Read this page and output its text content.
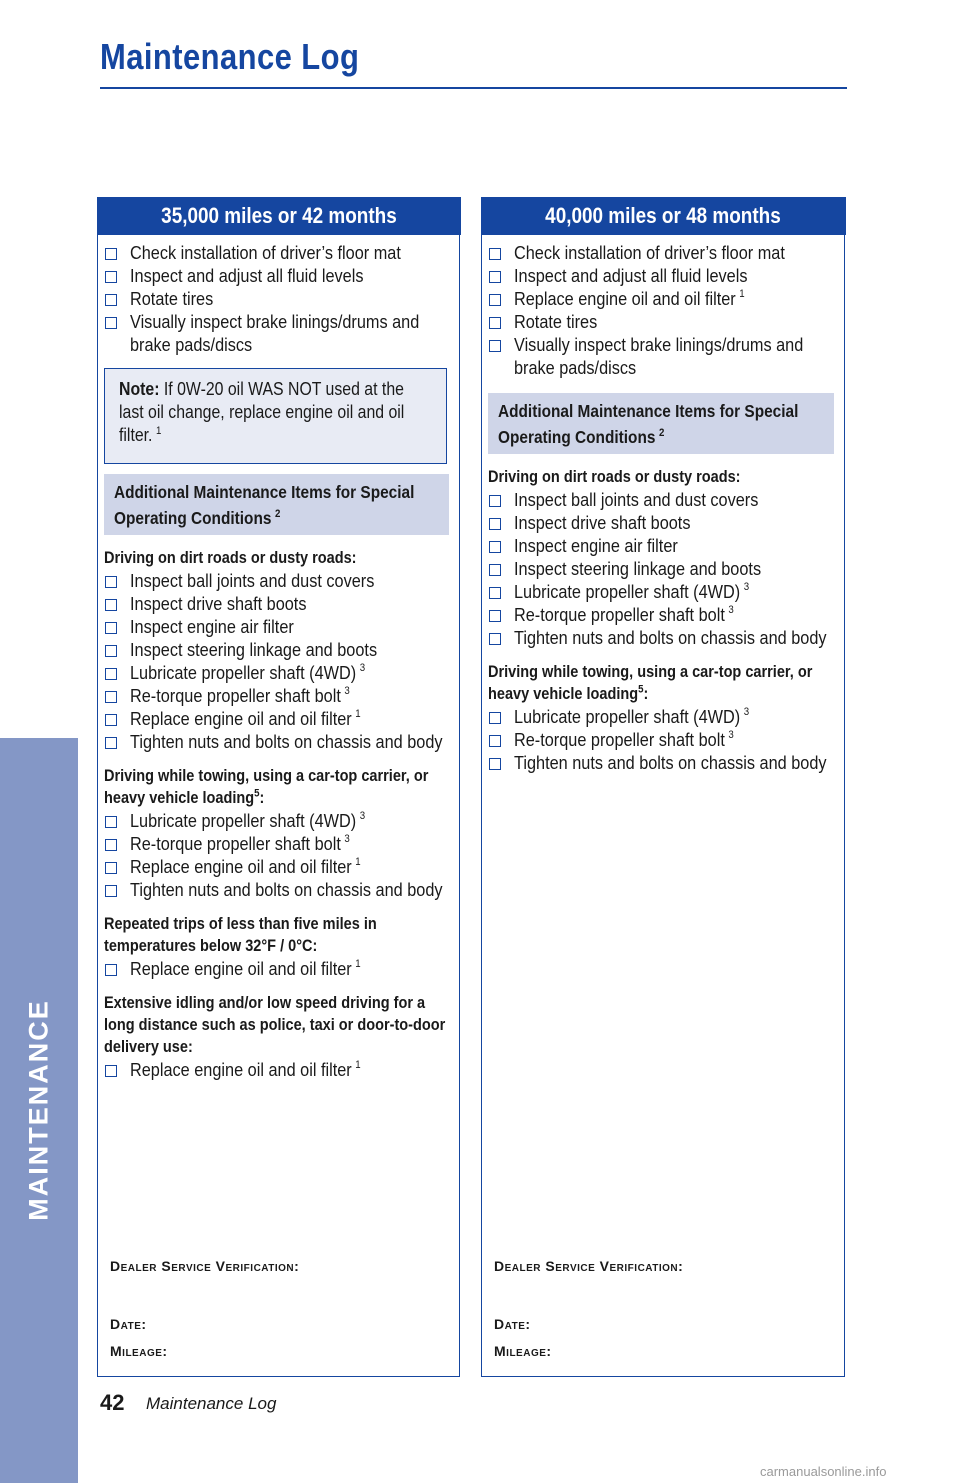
Maintenance Log
MAINTENANCE
35,000 miles or 42 months
Check installation of driver’s floor mat
Inspect and adjust all fluid levels
Rotate tires
Visually inspect brake linings/drums and brake pads/discs
Note: If 0W-20 oil WAS NOT used at the last oil change, replace engine oil and oil filter. $^1$
Additional Maintenance Items for Special Operating Conditions $^2$
Driving on dirt roads or dusty roads:
Inspect ball joints and dust covers
Inspect drive shaft boots
Inspect engine air filter
Inspect steering linkage and boots
Lubricate propeller shaft (4WD) $^3$
Re-torque propeller shaft bolt $^3$
Replace engine oil and oil filter $^1$
Tighten nuts and bolts on chassis and body
Driving while towing, using a car-top carrier, or heavy vehicle loading$^5$:
Lubricate propeller shaft (4WD) $^3$
Re-torque propeller shaft bolt $^3$
Replace engine oil and oil filter $^1$
Tighten nuts and bolts on chassis and body
Repeated trips of less than five miles in temperatures below 32°F / 0°C:
Replace engine oil and oil filter $^1$
Extensive idling and/or low speed driving for a long distance such as police, taxi or door-to-door delivery use:
Replace engine oil and oil filter $^1$
Dealer Service Verification:
Date:
Mileage:
40,000 miles or 48 months
Check installation of driver’s floor mat
Inspect and adjust all fluid levels
Replace engine oil and oil filter $^1$
Rotate tires
Visually inspect brake linings/drums and brake pads/discs
Additional Maintenance Items for Special Operating Conditions $^2$
Driving on dirt roads or dusty roads:
Inspect ball joints and dust covers
Inspect drive shaft boots
Inspect engine air filter
Inspect steering linkage and boots
Lubricate propeller shaft (4WD) $^3$
Re-torque propeller shaft bolt $^3$
Tighten nuts and bolts on chassis and body
Driving while towing, using a car-top carrier, or heavy vehicle loading$^5$:
Lubricate propeller shaft (4WD) $^3$
Re-torque propeller shaft bolt $^3$
Tighten nuts and bolts on chassis and body
Dealer Service Verification:
Date:
Mileage:
42 Maintenance Log
carmanualsonline.info
